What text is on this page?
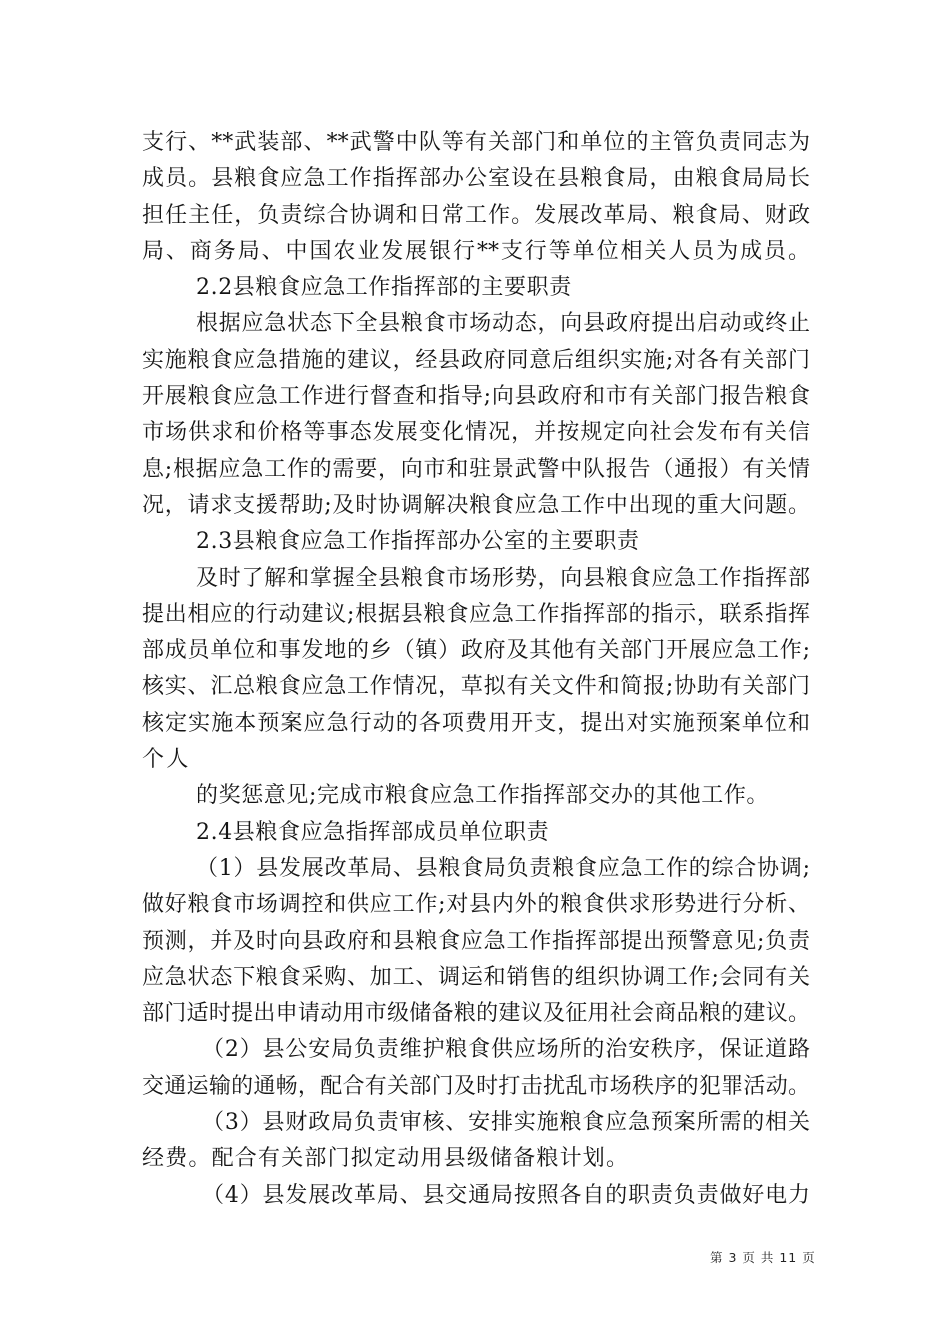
支行、**武装部、**武警中队等有关部门和单位的主管负责同志为
成员。县粮食应急工作指挥部办公室设在县粮食局，由粮食局局长
担任主任，负责综合协调和日常工作。发展改革局、粮食局、财政
局、商务局、中国农业发展银行**支行等单位相关人员为成员。
2.2县粮食应急工作指挥部的主要职责
根据应急状态下全县粮食市场动态，向县政府提出启动或终止
实施粮食应急措施的建议，经县政府同意后组织实施;对各有关部门
开展粮食应急工作进行督查和指导;向县政府和市有关部门报告粮食
市场供求和价格等事态发展变化情况，并按规定向社会发布有关信
息;根据应急工作的需要，向市和驻景武警中队报告（通报）有关情
况，请求支援帮助;及时协调解决粮食应急工作中出现的重大问题。
2.3县粮食应急工作指挥部办公室的主要职责
及时了解和掌握全县粮食市场形势，向县粮食应急工作指挥部
提出相应的行动建议;根据县粮食应急工作指挥部的指示，联系指挥
部成员单位和事发地的乡（镇）政府及其他有关部门开展应急工作;
核实、汇总粮食应急工作情况，草拟有关文件和简报;协助有关部门
核定实施本预案应急行动的各项费用开支，提出对实施预案单位和
个人
的奖惩意见;完成市粮食应急工作指挥部交办的其他工作。
2.4县粮食应急指挥部成员单位职责
（1）县发展改革局、县粮食局负责粮食应急工作的综合协调;
做好粮食市场调控和供应工作;对县内外的粮食供求形势进行分析、
预测，并及时向县政府和县粮食应急工作指挥部提出预警意见;负责
应急状态下粮食采购、加工、调运和销售的组织协调工作;会同有关
部门适时提出申请动用市级储备粮的建议及征用社会商品粮的建议。
（2）县公安局负责维护粮食供应场所的治安秩序，保证道路
交通运输的通畅，配合有关部门及时打击扰乱市场秩序的犯罪活动。
（3）县财政局负责审核、安排实施粮食应急预案所需的相关
经费。配合有关部门拟定动用县级储备粮计划。
（4）县发展改革局、县交通局按照各自的职责负责做好电力
第 3 页 共 11 页
